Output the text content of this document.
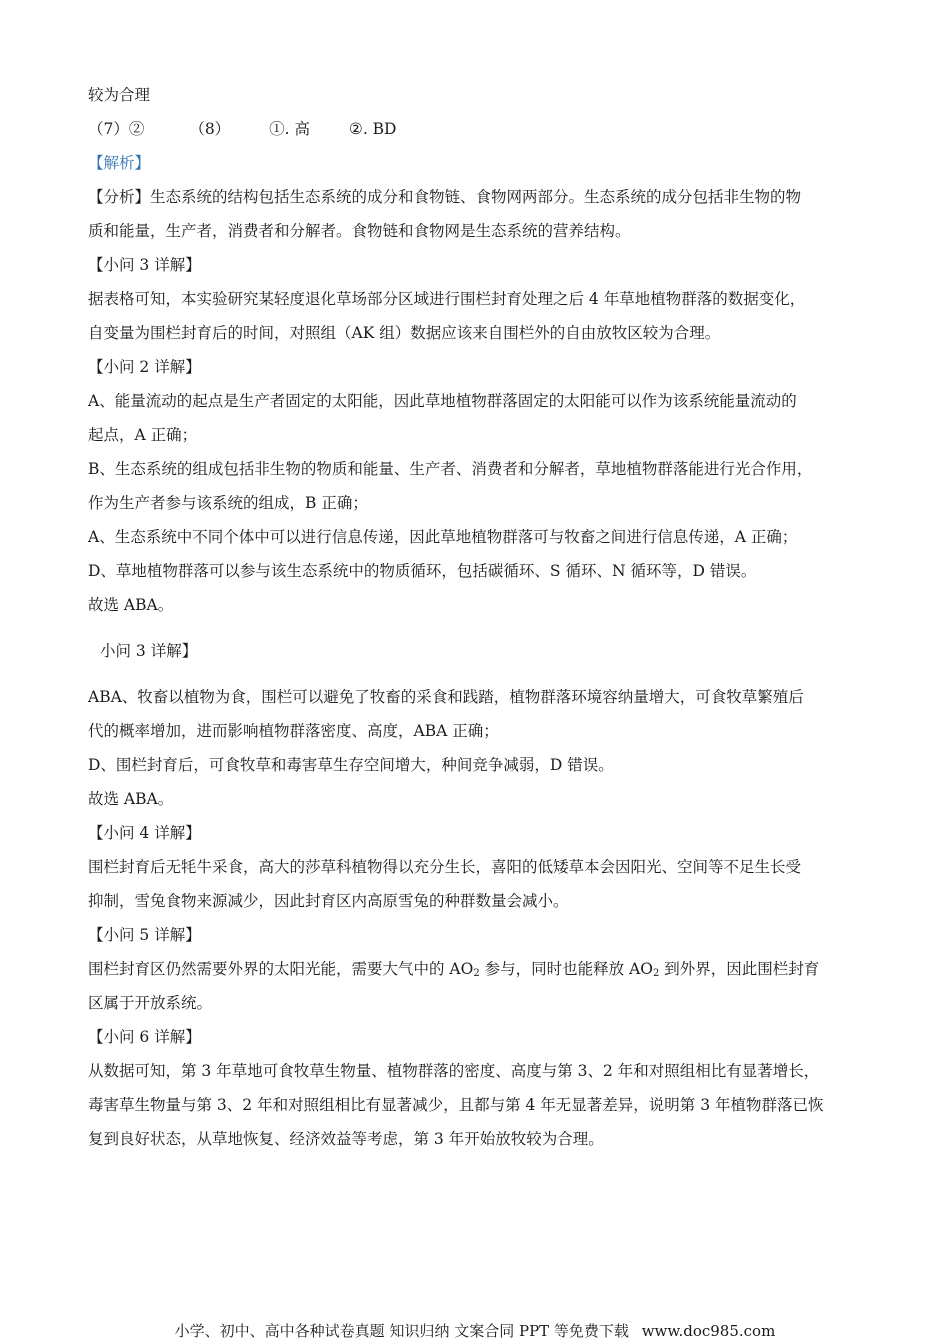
较为合理
（7）②	（8）	①. 高	②. BD
【解析】
【分析】生态系统的结构包括生态系统的成分和食物链、食物网两部分。生态系统的成分包括非生物的物
质和能量，生产者，消费者和分解者。食物链和食物网是生态系统的营养结构。
【小问 3 详解】
据表格可知，本实验研究某轻度退化草场部分区域进行围栏封育处理之后 4 年草地植物群落的数据变化，
自变量为围栏封育后的时间，对照组（AK 组）数据应该来自围栏外的自由放牧区较为合理。
【小问 2 详解】
A、能量流动的起点是生产者固定的太阳能，因此草地植物群落固定的太阳能可以作为该系统能量流动的
起点，A 正确；
B、生态系统的组成包括非生物的物质和能量、生产者、消费者和分解者，草地植物群落能进行光合作用，
作为生产者参与该系统的组成，B 正确；
A、生态系统中不同个体中可以进行信息传递，因此草地植物群落可与牧畜之间进行信息传递，A 正确；
D、草地植物群落可以参与该生态系统中的物质循环，包括碳循环、S 循环、N 循环等，D 错误。
故选 ABA。
小问 3 详解】
ABA、牧畜以植物为食，围栏可以避免了牧畜的采食和践踏，植物群落环境容纳量增大，可食牧草繁殖后
代的概率增加，进而影响植物群落密度、高度，ABA 正确；
D、围栏封育后，可食牧草和毒害草生存空间增大，种间竞争减弱，D 错误。
故选 ABA。
【小问 4 详解】
围栏封育后无牦牛采食，高大的莎草科植物得以充分生长，喜阳的低矮草本会因阳光、空间等不足生长受
抑制，雪兔食物来源减少，因此封育区内高原雪兔的种群数量会减小。
【小问 5 详解】
围栏封育区仍然需要外界的太阳光能，需要大气中的 $AO_2$ 参与，同时也能释放 $AO_2$ 到外界，因此围栏封育
区属于开放系统。
【小问 6 详解】
从数据可知，第 3 年草地可食牧草生物量、植物群落的密度、高度与第 3、2 年和对照组相比有显著增长，
毒害草生物量与第 3、2 年和对照组相比有显著减少，且都与第 4 年无显著差异，说明第 3 年植物群落已恢
复到良好状态，从草地恢复、经济效益等考虑，第 3 年开始放牧较为合理。
小学、初中、高中各种试卷真题 知识归纳 文案合同 PPT 等免费下载 www.doc985.com
